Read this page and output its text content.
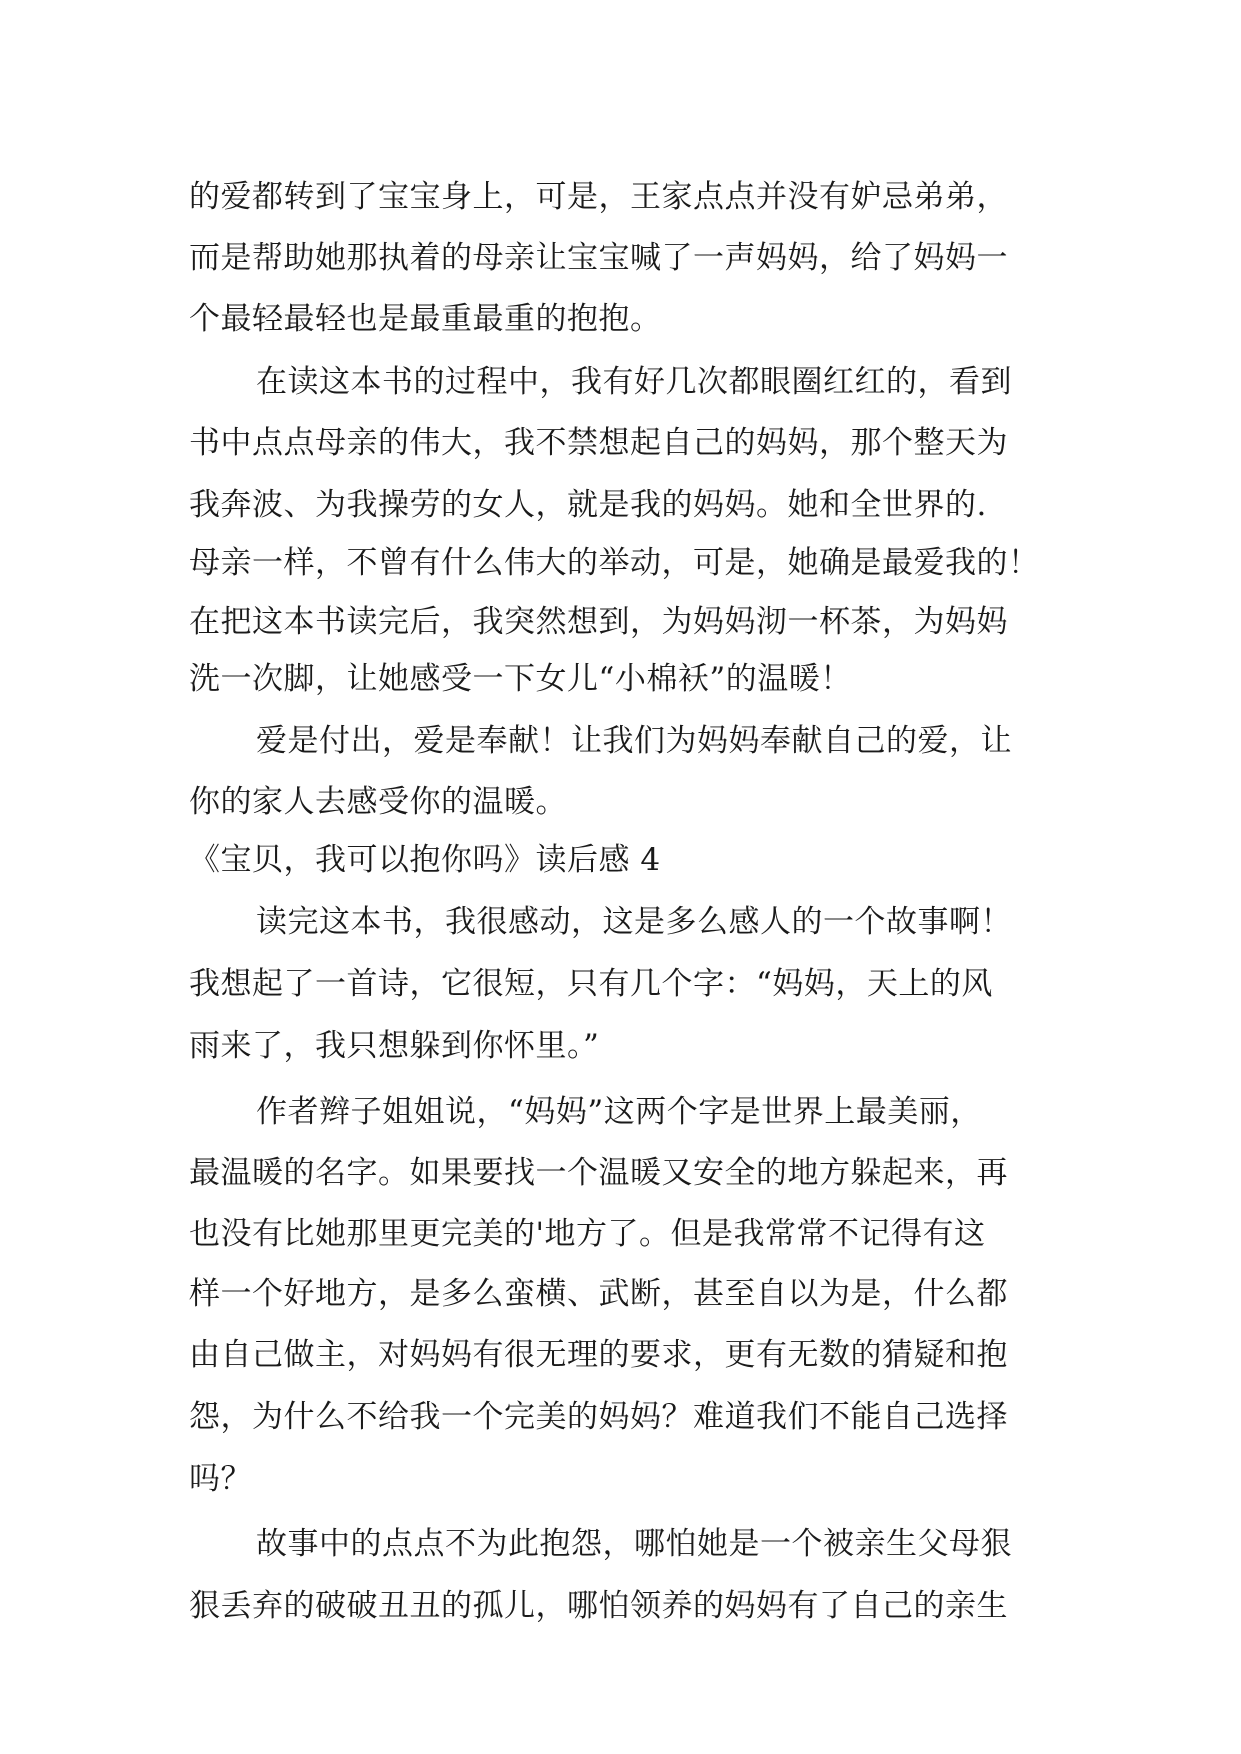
的爱都转到了宝宝身上，可是，王家点点并没有妒忌弟弟，
而是帮助她那执着的母亲让宝宝喊了一声妈妈，给了妈妈一
个最轻最轻也是最重最重的抱抱。
在读这本书的过程中，我有好几次都眼圈红红的，看到
书中点点母亲的伟大，我不禁想起自己的妈妈，那个整天为
我奔波、为我操劳的女人，就是我的妈妈。她和全世界的.
母亲一样，不曾有什么伟大的举动，可是，她确是最爱我的！
在把这本书读完后，我突然想到，为妈妈沏一杯茶，为妈妈
洗一次脚，让她感受一下女儿“小棉袄”的温暖！
爱是付出，爱是奉献！让我们为妈妈奉献自己的爱，让
你的家人去感受你的温暖。
《宝贝，我可以抱你吗》读后感 4
读完这本书，我很感动，这是多么感人的一个故事啊！
我想起了一首诗，它很短，只有几个字：“妈妈，天上的风
雨来了，我只想躲到你怀里。”
作者辫子姐姐说，“妈妈”这两个字是世界上最美丽，
最温暖的名字。如果要找一个温暖又安全的地方躲起来，再
也没有比她那里更完美的'地方了。但是我常常不记得有这
样一个好地方，是多么蛮横、武断，甚至自以为是，什么都
由自己做主，对妈妈有很无理的要求，更有无数的猜疑和抱
怨，为什么不给我一个完美的妈妈？难道我们不能自己选择
吗？
故事中的点点不为此抱怨，哪怕她是一个被亲生父母狠
狠丢弃的破破丑丑的孤儿，哪怕领养的妈妈有了自己的亲生
